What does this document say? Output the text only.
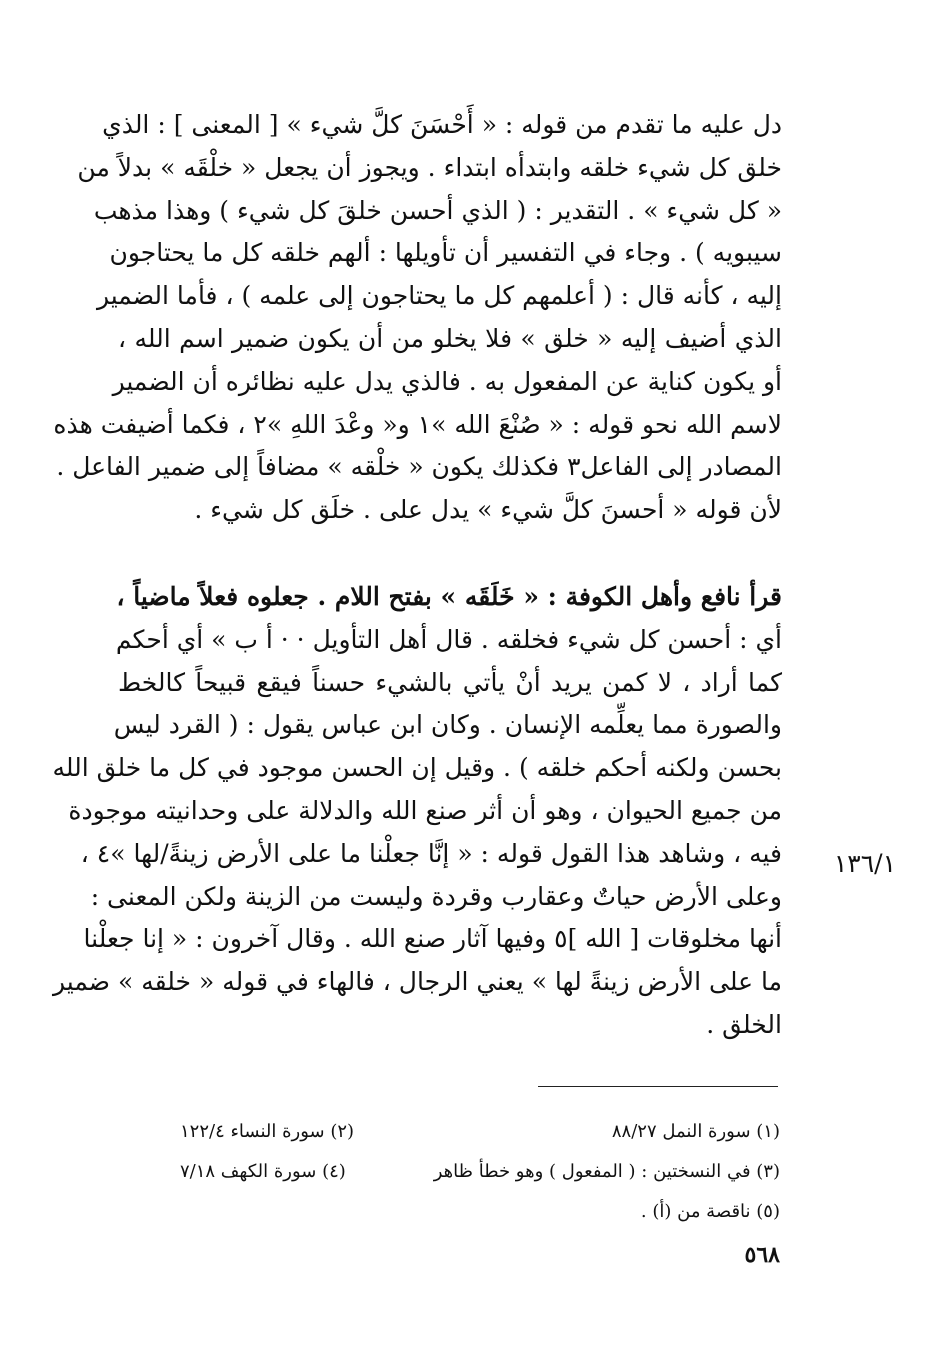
دل عليه ما تقدم من قوله : « أَحْسَنَ كلَّ شيء » [ المعنى ] : الذي
خلق كل شيء خلقه وابتدأه ابتداء . ويجوز أن يجعل « خلْقَه » بدلاً من
« كل شيء » . التقدير : ( الذي أحسن خلقَ كل شيء ) وهذا مذهب
سيبويه ) . وجاء في التفسير أن تأويلها : ألهم خلقه كل ما يحتاجون
إليه ، كأنه قال : ( أعلمهم كل ما يحتاجون إلى علمه ) ، فأما الضمير
الذي أضيف إليه « خلق » فلا يخلو من أن يكون ضمير اسم الله ،
أو يكون كناية عن المفعول به . فالذي يدل عليه نظائره أن الضمير
لاسم الله نحو قوله : « صُنْعَ الله »١ و« وعْدَ اللهِ »٢ ، فكما أضيفت هذه
المصادر إلى الفاعل٣ فكذلك يكون « خلْقه » مضافاً إلى ضمير الفاعل .
لأن قوله « أحسنَ كلَّ شيء » يدل على . خلَق كل شيء .
قرأ نافع وأهل الكوفة : « خَلَقَه » بفتح اللام . جعلوه فعلاً ماضياً ،
أي : أحسن كل شيء فخلقه . قال أهل التأويل · · أ ب » أي أحكم
كما أراد ، لا كمن يريد أنْ يأتي بالشيء حسناً فيقع قبيحاً كالخط
والصورة مما يعلِّمه الإنسان . وكان ابن عباس يقول : ( القرد ليس
بحسن ولكنه أحكم خلقه ) . وقيل إن الحسن موجود في كل ما خلق الله
من جميع الحيوان ، وهو أن أثر صنع الله والدلالة على وحدانيته موجودة
فيه ، وشاهد هذا القول قوله : « إنَّا جعلْنا ما على الأرض زينةً/لها »٤ ،
وعلى الأرض حياتٌ وعقارب وقردة وليست من الزينة ولكن المعنى :
أنها مخلوقات [ الله ]٥ وفيها آثار صنع الله . وقال آخرون : « إنا جعلْنا
ما على الأرض زينةً لها » يعني الرجال ، فالهاء في قوله « خلقه » ضمير
الخلق .
١٣٦/١
(١) سورة النمل ٨٨/٢٧
(٢) سورة النساء ١٢٢/٤
(٣) في النسختين : ( المفعول ) وهو خطأ ظاهر
(٤) سورة الكهف ٧/١٨
(٥) ناقصة من (أ) .
٥٦٨
